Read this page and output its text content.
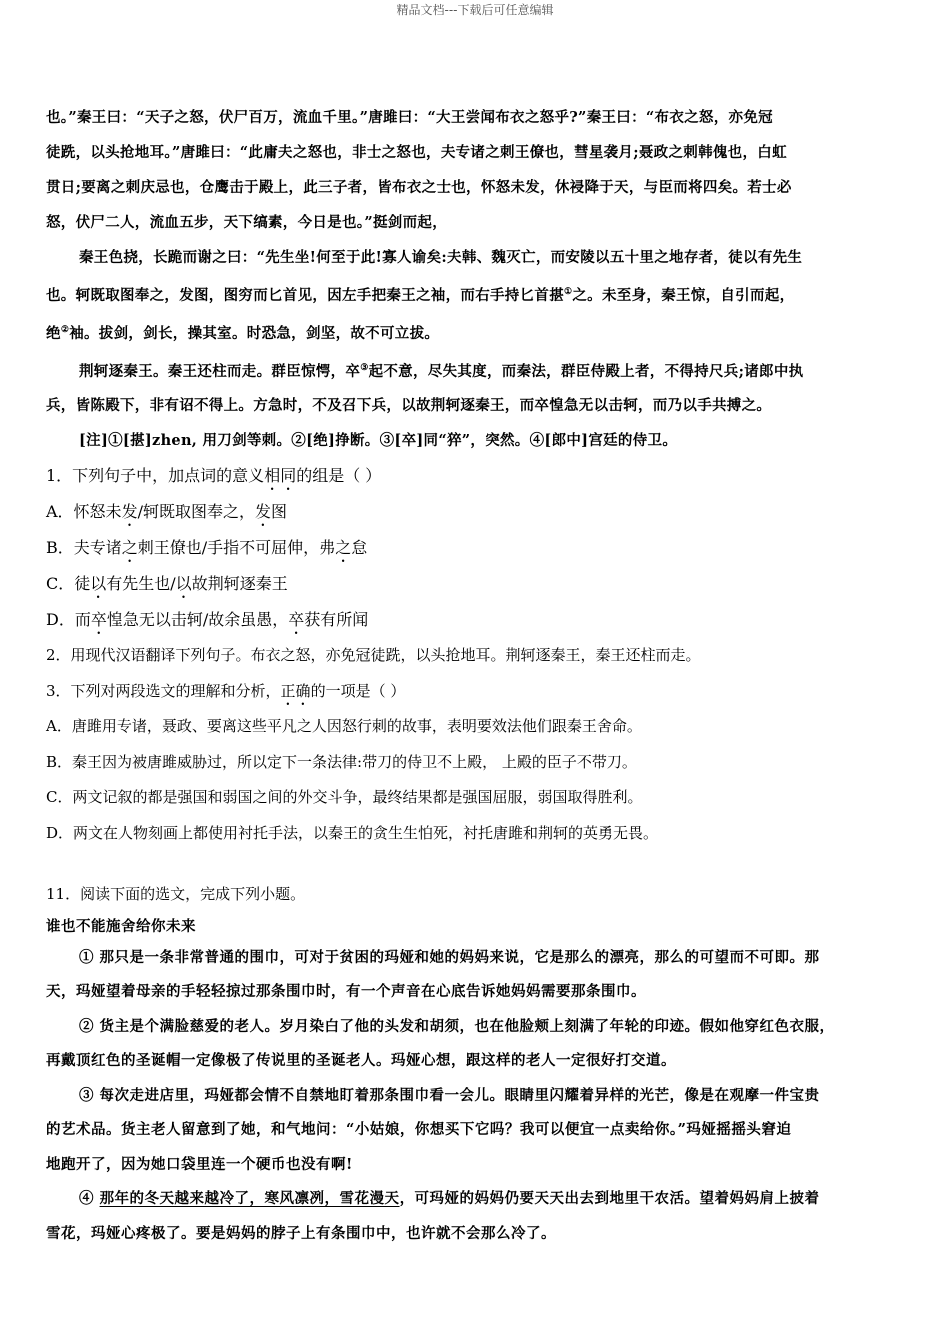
精品文档---下载后可任意编辑

也。”秦王曰：“天子之怒，伏尸百万，流血千里。”唐雎曰：“大王尝闻布衣之怒乎?”秦王曰：“布衣之怒，亦免冠
徒跣，以头抢地耳。”唐雎曰：“此庸夫之怒也，非士之怒也，夫专诸之刺王僚也，彗星袭月;聂政之刺韩傀也，白虹
贯日;要离之刺庆忌也，仓鹰击于殿上，此三子者，皆布衣之士也，怀怒未发，休祲降于天，与臣而将四矣。若士必
怒，伏尸二人，流血五步，天下缟素，今日是也。”挺剑而起，

秦王色挠，长跪而谢之曰：“先生坐!何至于此!寡人谕矣:夫韩、魏灭亡，而安陵以五十里之地存者，徒以有先生
也。轲既取图奉之，发图，图穷而匕首见，因左手把秦王之袖，而右手持匕首揕①之。未至身，秦王惊，自引而起，
绝②袖。拔剑，剑长，操其室。时恐急，剑坚，故不可立拔。

荆轲逐秦王。秦王还柱而走。群臣惊愕，卒③起不意，尽失其度，而秦法，群臣侍殿上者，不得持尺兵;诸郎中执
兵，皆陈殿下，非有诏不得上。方急时，不及召下兵，以故荆轲逐秦王，而卒惶急无以击轲，而乃以手共搏之。

[注]①[揕]zhen, 用刀剑等刺。②[绝]挣断。③[卒]同“猝”，突然。④[郎中]宫廷的侍卫。

1．下列句子中，加点词的意义相同的组是（ ）

A．怀怒未发/轲既取图奉之，发图

B．夫专诸之刺王僚也/手指不可屈伸，弗之怠

C．徒以有先生也/以故荆轲逐秦王

D．而卒惶急无以击轲/故余虽愚，卒获有所闻

2．用现代汉语翻译下列句子。布衣之怒，亦免冠徒跣，以头抢地耳。荆轲逐秦王，秦王还柱而走。

3．下列对两段选文的理解和分析，正确的一项是（ ）

A．唐雎用专诸，聂政、要离这些平凡之人因怒行刺的故事，表明要效法他们跟秦王舍命。

B．秦王因为被唐雎威胁过，所以定下一条法律:带刀的侍卫不上殿， 上殿的臣子不带刀。

C．两文记叙的都是强国和弱国之间的外交斗争，最终结果都是强国屈服，弱国取得胜利。

D．两文在人物刻画上都使用衬托手法，以秦王的贪生生怕死，衬托唐雎和荆轲的英勇无畏。

11．阅读下面的选文，完成下列小题。

谁也不能施舍给你未来

① 那只是一条非常普通的围巾，可对于贫困的玛娅和她的妈妈来说，它是那么的漂亮，那么的可望而不可即。那
天，玛娅望着母亲的手轻轻掠过那条围巾时，有一个声音在心底告诉她妈妈需要那条围巾。

② 货主是个满脸慈爱的老人。岁月染白了他的头发和胡须，也在他脸颊上刻满了年轮的印迹。假如他穿红色衣服，
再戴顶红色的圣诞帽一定像极了传说里的圣诞老人。玛娅心想，跟这样的老人一定很好打交道。

③ 每次走进店里，玛娅都会情不自禁地盯着那条围巾看一会儿。眼睛里闪耀着异样的光芒，像是在观摩一件宝贵
的艺术品。货主老人留意到了她，和气地问：“小姑娘，你想买下它吗？我可以便宜一点卖给你。”玛娅摇摇头窘迫
地跑开了，因为她口袋里连一个硬币也没有啊!

④ 那年的冬天越来越冷了，寒风凛冽，雪花漫天，可玛娅的妈妈仍要天天出去到地里干农活。望着妈妈肩上披着
雪花，玛娅心疼极了。要是妈妈的脖子上有条围巾中，也许就不会那么冷了。
